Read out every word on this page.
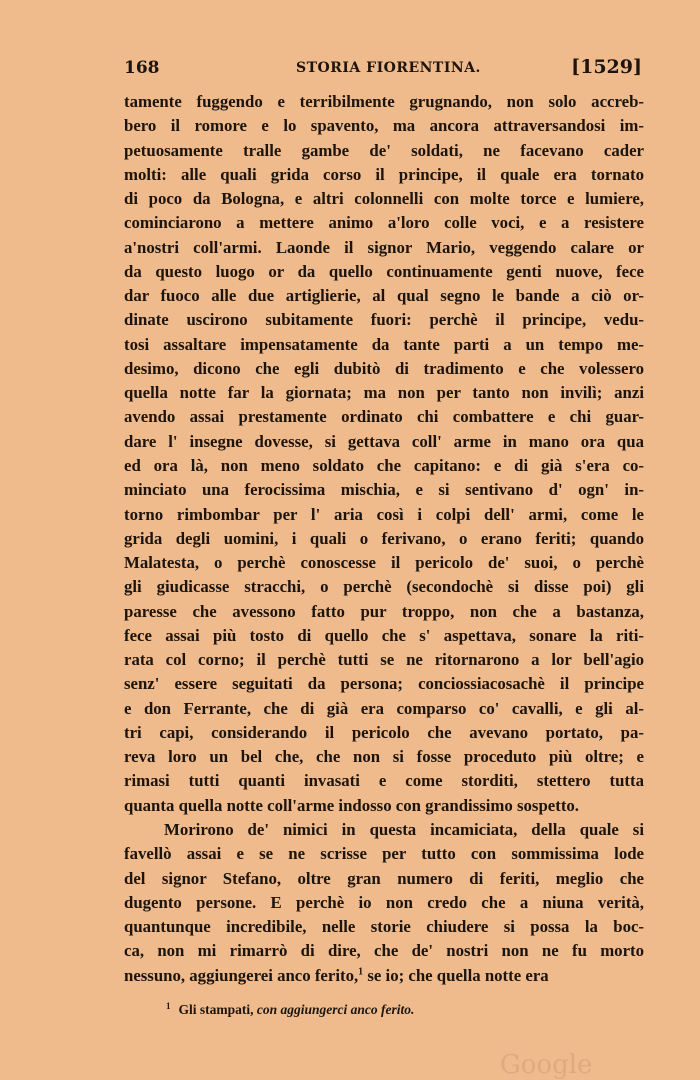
168	STORIA FIORENTINA.	[1529]
tamente fuggendo e terribilmente grugnando, non solo accreb-
bero il romore e lo spavento, ma ancora attraversandosi im-
petuosamente tralle gambe de' soldati, ne facevano cader
molti: alle quali grida corso il principe, il quale era tornato
di poco da Bologna, e altri colonnelli con molte torce e lumiere,
cominciarono a mettere animo a'loro colle voci, e a resistere
a'nostri coll'armi. Laonde il signor Mario, veggendo calare or
da questo luogo or da quello continuamente genti nuove, fece
dar fuoco alle due artiglierie, al qual segno le bande a ciò or-
dinate uscirono subitamente fuori: perchè il principe, vedu-
tosi assaltare impensatamente da tante parti a un tempo me-
desimo, dicono che egli dubitò di tradimento e che volessero
quella notte far la giornata; ma non per tanto non invilì; anzi
avendo assai prestamente ordinato chi combattere e chi guar-
dare l' insegne dovesse, si gettava coll' arme in mano ora qua
ed ora là, non meno soldato che capitano: e di già s'era co-
minciato una ferocissima mischia, e si sentivano d' ogn' in-
torno rimbombar per l' aria così i colpi dell' armi, come le
grida degli uomini, i quali o ferivano, o erano feriti; quando
Malatesta, o perchè conoscesse il pericolo de' suoi, o perchè
gli giudicasse stracchi, o perchè (secondochè si disse poi) gli
paresse che avessono fatto pur troppo, non che a bastanza,
fece assai più tosto di quello che s' aspettava, sonare la riti-
rata col corno; il perchè tutti se ne ritornarono a lor bell'agio
senz' essere seguitati da persona; conciossiacosachè il principe
e don Ferrante, che di già era comparso co' cavalli, e gli al-
tri capi, considerando il pericolo che avevano portato, pa-
reva loro un bel che, che non si fosse proceduto più oltre; e
rimasi tutti quanti invasati e come storditi, stettero tutta
quanta quella notte coll'arme indosso con grandissimo sospetto.
Morirono de' nimici in questa incamiciata, della quale si
favellò assai e se ne scrisse per tutto con sommissima lode
del signor Stefano, oltre gran numero di feriti, meglio che
dugento persone. E perchè io non credo che a niuna verità,
quantunque incredibile, nelle storie chiudere si possa la boc-
ca, non mi rimarrò di dire, che de' nostri non ne fu morto
nessuno, aggiungerei anco ferito,$^1$ se io; che quella notte era
$^1$ Gli stampati, con aggiungerci anco ferito.
Google
